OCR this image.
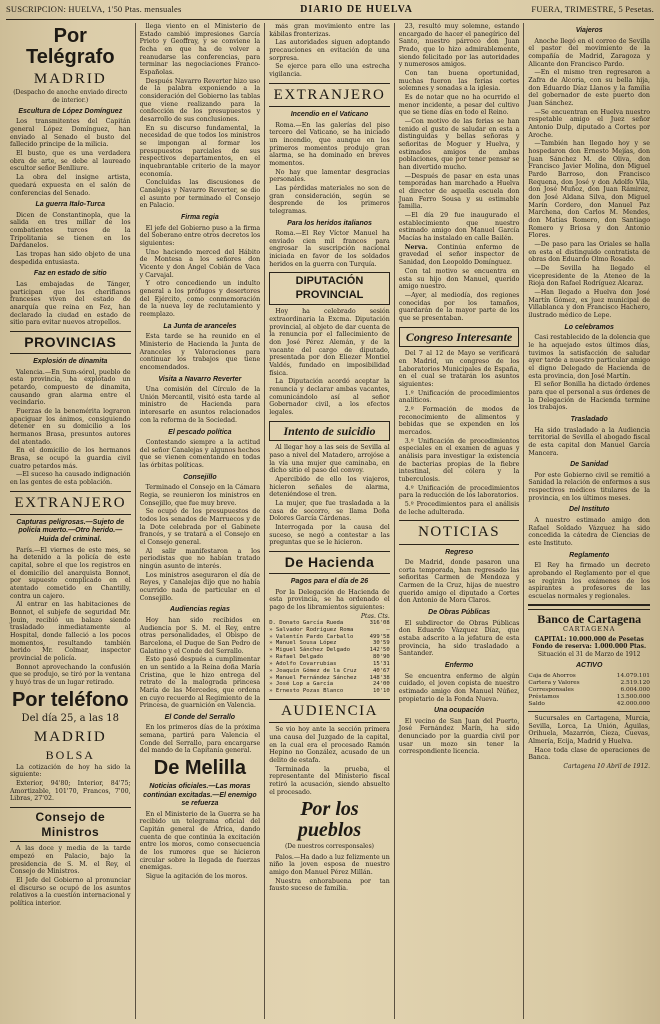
SUSCRIPCION: HUELVA, 1'50 Ptas. mensuales	DIARIO DE HUELVA	FUERA, TRIMESTRE, 5 Pesetas.
Por Telégrafo
MADRID
(Despacho de anoche enviado directo de interior.)
Escultura de López Domínguez

Los transmitentes del Capitán general López Domínguez, han enviado al Senado el busto del fallecido principe de la milicia.

El busto, que es una verdadera obra de arte, se debe al laureado escultor señor Benlliure.

La obra del insigne artista, quedará expuesta en el salón de conferencias del Senado.

La guerra Italo-Turca

Dicen de Constantinopla, que la salida en tres millar de los combatientes turcos de la Tripolitania se tienen en los Dardanelos.

Las tropas han sido objeto de una despedida entusiasta.

Faz en estado de sitio

Las embajadas de Tánger, participan que los cherifianos franceses viven del estado de anarquía que reina en Fez, han declarado la ciudad en estado de sitio para evitar nuevos atropellos.

PROVINCIAS
Explosión de dinamita

Valencia.—En Sum-sórol, pueblo de esta provincia, ha explotado un petardo, compuesto de dinamita, causando gran alarma entre el vecindario.

Fuerzas de la benemérita lograron apaciguar los ánimos, consiguiendo detener en su domicilio a los hermanos Brasa, presuntos autores del atentado.

En el domicilio de los hermanos Brasa, se ocupó la guardia civil cuatro petardos más.

—El suceso ha causado indignación en las gentes de esta población.

EXTRANJERO
Capturas peligrosas.—Sujeto de policía muerto.—Otro herido.—Huida del criminal.

París.—El viernes de este mes, se ha detenido a la policía de este capital, sobre el que los registros en el domicilio del anarquista Bonnot, por supuesto complicado en el atentado cometido en Chantilly, contra un cajero.

Al entrar en las habitaciones de Bonnot, el subjefe de seguridad Mr. Jouin, recibió un balazo siendo trasladado inmediatamente al Hospital, donde falleció a los pocos momentos, resultando también herido Mr. Colmar, inspector provincial de policía.

Bonnot aprovechando la confusión que se produjo, se tiró por la ventana y huyó tras de un lugar retirado.

Por teléfono
Del día 25, a las 18
MADRID
BOLSA

La cotización de hoy ha sido la siguiente:

Exterior, 94'80; Interior, 84'75; Amortizable, 101'70, Francos, 7'00, Libras, 27'02.

Consejo de Ministros

A las doce y media de la tarde empezó en Palacio, bajo la presidencia de S. M. el Rey, el Consejo de Ministros.

El Jefe del Gobierno al pronunciar el discurso se ocupó de los asuntos relativos a la cuestión internacional y política interior.

llega viento en el Ministerio de Estado cambió impresiones García Prieto y Geoffray, y se conviene la fecha en que ha de volver a reanudarse las conferencias, para terminar las negociaciones Franco-Españolas.

Después Navarro Reverter hizo uso de la palabra exponiendo a la consideración del Gobierno las tablas que viene realizando para la confección de los presupuestos y desarrollo de sus conclusiones.

En su discurso fundamental, la necesidad de que todos los ministros se impongan al formar los presupuestos parciales de sus respectivos departamentos, en el inquebrantable criterio de la mayor economía.

Concluidas las discusiones de Canalejas y Navarro Reverter, se dio el asunto por terminado el Consejo en Palacio.

Firma regia

El jefe del Gobierno puso a la firma del Soberano entre otros decretos los siguientes:

Uno haciendo merced del Hábito de Montesa a los señores don Vicente y don Ángel Cobián de Vaca y Carvajal.

Y otro concediendo un indulto general a los prófugos y desertores del Ejército, como conmemoración de la nueva ley de reclutamiento y reemplazo.

La Junta de aranceles

Esta tarde se ha reunido en el Ministerio de Hacienda la Junta de Aranceles y Valoraciones para continuar los trabajos que tiene encomendados.

Visita a Navarro Reverter

Una comisión del Círculo de la Unión Mercantil, visitó esta tarde al ministro de Hacienda para interesarle en asuntos relacionados con la reforma de la Sociedad.

El pescado política

Contestando siempre a la actitud del señor Canalejas y algunos hechos que se vienen comentando en todas las órbitas políticas.

Consejillo

Terminado el Consejo en la Cámara Regia, se reunieron los ministros en Consejillo, que fue muy breve.

Se ocupó de los presupuestos de todos los senados de Marruecos y de la Dote celebrada por el Gabinete francés, y se tratará a el Consejo en el Consejo general.

Al salir manifestaron a los periodistas que no habían tratado ningún asunto de interés.

Los ministros aseguraron el día de Reyes, y Canalejas dijo que no había ocurrido nada de particular en el Consejillo.

Audiencias regias

Hoy han sido recibidos en Audiencia por S. M. el Rey, entre otras personalidades, el Obispo de Barcelona, el Duque de San Pedro de Galatino y el Conde del Serrallo.

Esto pasó después a cumplimentar en un sentido a la Reina doña María Cristina, que le hizo entrega del retrato de la malograda princesa María de las Mercedes, que ordena en cuyo recuerdo al Regimiento de la Princesa, de guarnición en Valencia.

El Conde del Serrallo

En los primeros días de la próxima semana, partirá para Valencia el Conde del Serrallo, para encargarse del mando de la Capitanía general.

De Melilla
Noticias oficiales.—Las moras continúan excitadas.—El enemigo se refuerza

En el Ministerio de la Guerra se ha recibido un telegrama oficial del Capitán general de África, dando cuenta de que continúa la excitación entre los moros, como consecuencia de los rumores que se hicieron circular sobre la llegada de fuerzas enemigas.

Sigue la agitación de los moros.

más gran movimiento entre las kábilas fronterizas.

Las autoridades siguen adoptando precauciones en evitación de una sorpresa.

Se ejerce para ello una estrecha vigilancia.

EXTRANJERO
Incendio en el Vaticano

Roma.—En las galerías del piso tercero del Vaticano, se ha iniciado un incendio, que aunque en los primeros momentos produjo gran alarma, se ha dominado en breves momentos.

No hay que lamentar desgracias personales.

Las pérdidas materiales no son de gran consideración, según se desprende de los primeros telegramas.

Para los heridos italianos

Roma.—El Rey Víctor Manuel ha enviado cien mil francos para engrosar la suscripción nacional iniciada en favor de los soldados heridos en la guerra con Turquía.

DIPUTACIÓN PROVINCIAL

Hoy ha celebrado sesión extraordinaria la Excma. Diputación provincial, al objeto de dar cuenta de la renuncia por el fallecimiento de don José Pérez Alemán, y de la vacante del cargo de diputado, presentada por don Eliezer Montiel Valdés, fundado en imposibilidad física.

La Diputación acordó aceptar la renuncia y declarar ambas vacantes, comunicándolo así al señor Gobernador civil, a los efectos legales.

Intento de suicidio

Al llegar hoy a las seis de Sevilla al paso a nivel del Matadero, arrojóse a la vía una mujer que caminaba, en dicho sitio el paso del convoy.

Apercibido de ello los viajeros, hicieron señales de alarma, deteniéndose el tren.

La mujer, que fue trasladada a la casa de socorro, se llama Doña Dolores García Cárdenas.

Interrogada por la causa del suceso, se negó a contestar a las preguntas que se le hicieron.

De Hacienda
Pagos para el día de 26

Por la Delegación de Hacienda de esta provincia, se ha ordenado el pago de los libramientos siguientes:

Ptas. Cts.
D. Donato García Rueda	316'08
» Salvador Rodríguez Roma	—
» Valentín Pardo Carballo	499'58
» Manuel Sousa López	30'59
» Miguel Sánchez Delgado	142'50
» Rafael Delgado	80'90
» Adolfo Covarrubias	15'31
» Joaquín Gómez de la Cruz	40'67
» Manuel Fernández Sánchez 148'38
» José Lop a García	24'00
» Ernesto Pozas Blanco	10'10
AUDIENCIA

Se vio hoy ante la sección primera una causa del Juzgado de la capital, en la cual era el procesado Ramón Hepino no González, acusado de un delito de estafa.

Terminada la prueba, el representante del Ministerio fiscal retiró la acusación, siendo absuelto el procesado.

Por los pueblos
(De nuestros corresponsales)

Palos.—Ha dado a luz felizmente un niño la joven esposa de nuestro amigo don Manuel Pérez Millán.

Nuestra enhorabuena por tan fausto suceso de familia.

23, resultó muy solemne, estando encargado de hacer el panegírico del Santo, nuestro párroco don Juan Prado, que lo hizo admirablemente, siendo felicitado por las autoridades y numerosos amigos.

Con tan buena oportunidad, muchas fueron las ferias cortes solemnes y sonadas a la iglesia.

Es de notar que no ha ocurrido el menor incidente, a pesar del cultivo que se tiene días en todo el Reino.

—Con motivo de las ferias se han tenido el gusto de saludar en esta a distinguidas y bellas señoras y señoritas de Moguer y Huelva, y estimados amigos de ambas poblaciones, que por tener pensar se han divertido mucho.

—Después de pasar en esta unas temporadas han marchado a Huelva el director de aquella escuela don Juan Ferro Sousa y su estimable familia.

—El día 29 fue inaugurado el establecimiento que nuestro estimado amigo don Manuel García Macías ha instalado en calle Bailén.

Nerva. Continúa enfermo de gravedad el señor inspector de Sanidad, don Leopoldo Domínguez.

Con tal motivo se encuentra en esta su hijo don Manuel, querido amigo nuestro.

—Ayer, al mediodía, dos regiones conocidas por los tamaños, guardarán de la mayor parte de los que se presentaban.

Congreso Interesante

Del 7 al 12 de Mayo se verificará en Madrid, un congreso de los Laboratorios Municipales de España, en el cual se tratarán los asuntos siguientes:

1.º Unificación de procedimientos analíticos.

2.º Formación de modos de reconocimiento de alimentos y bebidas que se expenden en los mercados.

3.º Unificación de procedimientos especiales en el examen de aguas y análisis para investigar la existencia de bacterias propias de la fiebre intestinal, del cólera y la tuberculosis.

4.º Unificación de procedimientos para la reducción de los laboratorios.

5.º Procedimientos para el análisis de leche adulterada.

NOTICIAS
Regreso

De Madrid, donde pasaron una corta temporada, han regresado las señoritas Carmen de Mendoza y Carmen de la Cruz, hijas de nuestro querido amigo el diputado a Cortes don Antonio de Mora Claros.

De Obras Públicas

El subdirector de Obras Públicas don Eduardo Vázquez Díaz, que estaba adscrito a la jefatura de esta provincia, ha sido trasladado a Santander.

Enfermo

Se encuentra enfermo de algún cuidado, el joven copista de nuestro estimado amigo don Manuel Núñez, propietario de la Fonda Nueva.

Una ocupación

El vecino de San Juan del Puerto, José Fernández Marín, ha sido denunciado por la guardia civil por usar un mozo sin tener la correspondiente licencia.

Viajeros

Anoche llegó en el correo de Sevilla el pastor del movimiento de la compañía de Madrid, Zaragoza y Alicante don Francisco Pardo.

—En el mismo tren regresaron a Zafra de Alcoria, con su bella hija, don Eduardo Díaz Llanos y la familia del gobernador de este puerto don Juan Sánchez.

—Se encuentran en Huelva nuestro respetable amigo el Juez señor Antonio Dulp, diputado a Cortes por Aroche.

—También han llegado hoy y se hospedaron don Ernesto Mejías, don Juan Sánchez M. de Oliva, don Francisco Javier Molina, don Miguel Pardo Barroso, don Francisco Requena, don José y don Adolfo Vila, don José Muñoz, don Juan Rámirez, don José Aldana Silva, don Miguel Marín Cordero, don Manuel Paz Marchena, don Carlos M. Mendes, don Matías Romero, don Santiago Romero y Briosa y don Antonio Flores.

—De paso para las Oriales se halla en esta el distinguido contratista de obras don Eduardo Olmo Rosado.

—De Sevilla ha llegado el vicepresidente de la Ateneo de la Rioja don Rafael Rodríguez Alcaraz.

—Han llegado a Huelva don José Martín Gómez, ex juez municipal de Villablanca y don Francisco Hachero, ilustrado médico de Lepe.

Lo celebramos

Casi restablecido de la dolencia que le ha aquejado estos últimos días, tuvimos la satisfacción de saludar ayer tarde a nuestro particular amigo el digno Delegado de Hacienda de esta provincia, don José Martín.

El señor Bonilla ha dictado órdenes para que el personal a sus órdenes de la Delegación de Hacienda termine los trabajos.

Trasladado

Ha sido trasladado a la Audiencia territorial de Sevilla el abogado fiscal de esta capital don Manuel García Mancera.

De Sanidad

Por este Gobierno civil se remitió a Sanidad la relación de enfermos a sus respectivos médicos titulares de la provincia, en los últimos meses.

Del Instituto

A nuestro estimado amigo don Rafael Soldado Vázquez ha sido concedida la cátedra de Ciencias de este Instituto.

Reglamento

El Rey ha firmado un decreto aprobando el Reglamento por el que se regirán los exámenes de los aspirantes a profesores de las escuelas normales y regionales.

Banco de Cartagena
CARTAGENA
CAPITAL: 10.000.000 de Pesetas
Fondo de reserva: 1.000.000 Ptas.
Situación el 31 de Marzo de 1912
ACTIVO
Caja de Ahorros	14.079.101
Cartera y Valores	2.519.120
Corresponsales	6.004.000
Préstamos	13.500.000
Saldo	42.000.000

Sucursales en Cartagena, Murcia, Sevilla, Lorca, La Unión, Águilas, Orihuela, Mazarrón, Cieza, Cuevas, Almería, Ecija, Madrid y Huelva.

Hace toda clase de operaciones de Banca.

Cartagena 10 Abril de 1912.
